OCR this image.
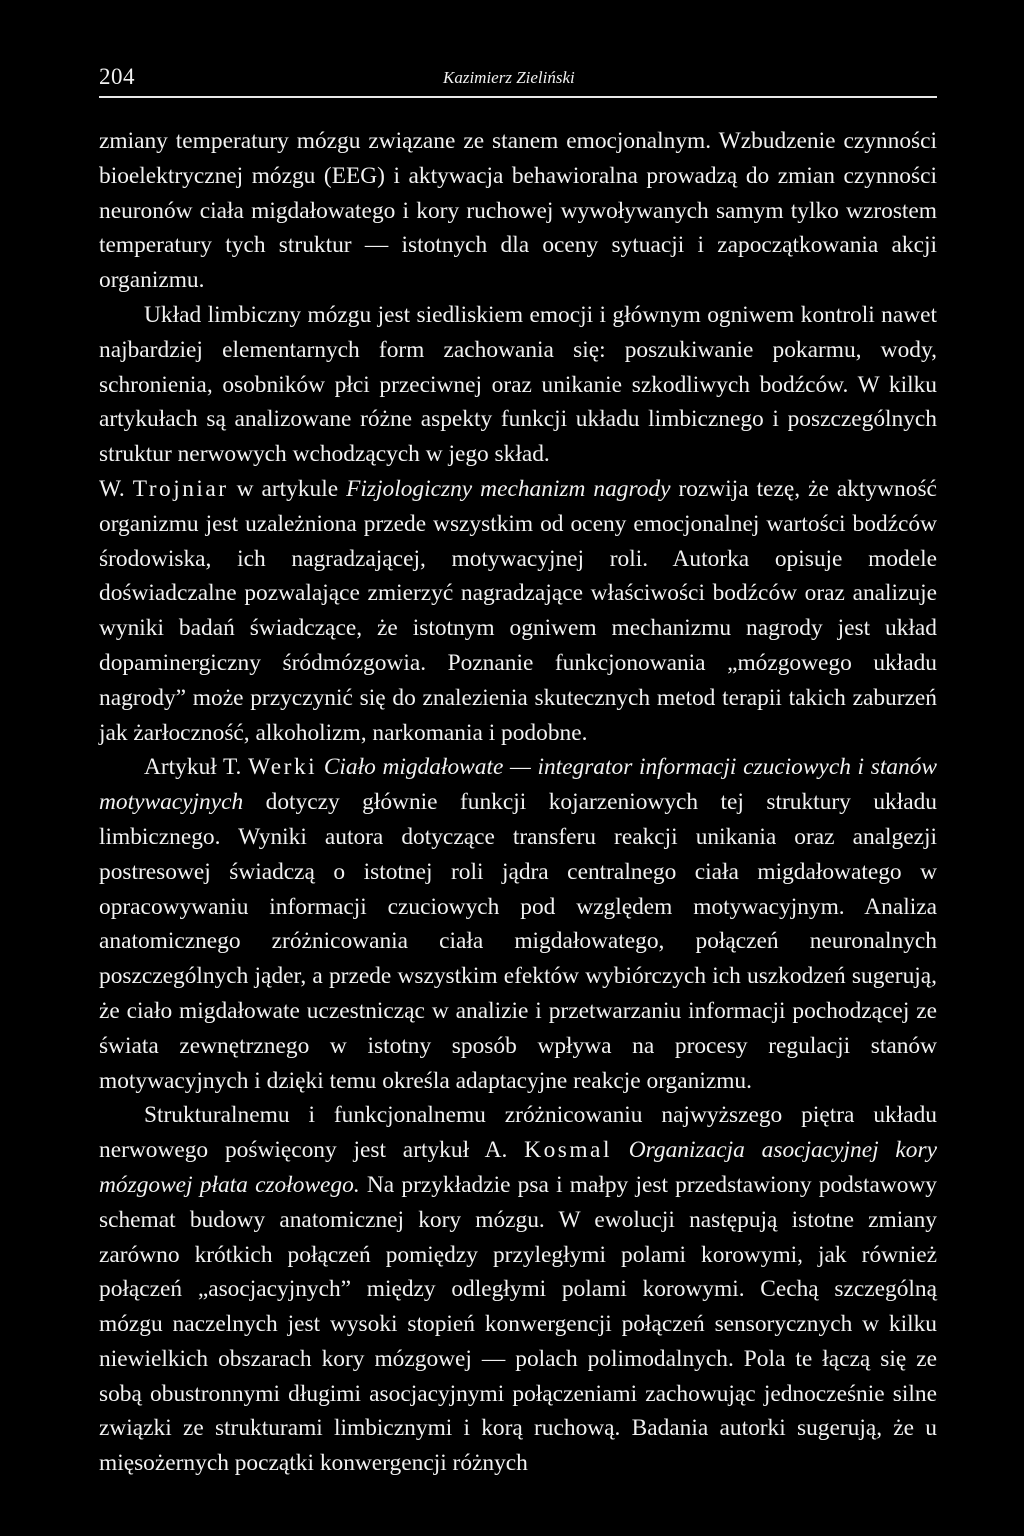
204	Kazimierz Zieliński

zmiany temperatury mózgu związane ze stanem emocjonalnym. Wzbudzenie czynności bioelektrycznej mózgu (EEG) i aktywacja behawioralna prowadzą do zmian czynności neuronów ciała migdałowatego i kory ruchowej wywoływanych samym tylko wzrostem temperatury tych struktur — istotnych dla oceny sytuacji i zapoczątkowania akcji organizmu.

Układ limbiczny mózgu jest siedliskiem emocji i głównym ogniwem kontroli nawet najbardziej elementarnych form zachowania się: poszukiwanie pokarmu, wody, schronienia, osobników płci przeciwnej oraz unikanie szkodliwych bodźców. W kilku artykułach są analizowane różne aspekty funkcji układu limbicznego i poszczególnych struktur nerwowych wchodzących w jego skład.

W. Trojniar w artykule Fizjologiczny mechanizm nagrody rozwija tezę, że aktywność organizmu jest uzależniona przede wszystkim od oceny emocjonalnej wartości bodźców środowiska, ich nagradzającej, motywacyjnej roli. Autorka opisuje modele doświadczalne pozwalające zmierzyć nagradzające właściwości bodźców oraz analizuje wyniki badań świadczące, że istotnym ogniwem mechanizmu nagrody jest układ dopaminergiczny śródmózgowia. Poznanie funkcjonowania „mózgowego układu nagrody” może przyczynić się do znalezienia skutecznych metod terapii takich zaburzeń jak żarłoczność, alkoholizm, narkomania i podobne.

Artykuł T. Werki Ciało migdałowate — integrator informacji czuciowych i stanów motywacyjnych dotyczy głównie funkcji kojarzeniowych tej struktury układu limbicznego. Wyniki autora dotyczące transferu reakcji unikania oraz analgezji postresowej świadczą o istotnej roli jądra centralnego ciała migdałowatego w opracowywaniu informacji czuciowych pod względem motywacyjnym. Analiza anatomicznego zróżnicowania ciała migdałowatego, połączeń neuronalnych poszczególnych jąder, a przede wszystkim efektów wybiórczych ich uszkodzeń sugerują, że ciało migdałowate uczestnicząc w analizie i przetwarzaniu informacji pochodzącej ze świata zewnętrznego w istotny sposób wpływa na procesy regulacji stanów motywacyjnych i dzięki temu określa adaptacyjne reakcje organizmu.

Strukturalnemu i funkcjonalnemu zróżnicowaniu najwyższego piętra układu nerwowego poświęcony jest artykuł A. Kosmal Organizacja asocjacyjnej kory mózgowej płata czołowego. Na przykładzie psa i małpy jest przedstawiony podstawowy schemat budowy anatomicznej kory mózgu. W ewolucji następują istotne zmiany zarówno krótkich połączeń pomiędzy przyległymi polami korowymi, jak również połączeń „asocjacyjnych” między odległymi polami korowymi. Cechą szczególną mózgu naczelnych jest wysoki stopień konwergencji połączeń sensorycznych w kilku niewielkich obszarach kory mózgowej — polach polimodalnych. Pola te łączą się ze sobą obustronnymi długimi asocjacyjnymi połączeniami zachowując jednocześnie silne związki ze strukturami limbicznymi i korą ruchową. Badania autorki sugerują, że u mięsożernych początki konwergencji różnych
